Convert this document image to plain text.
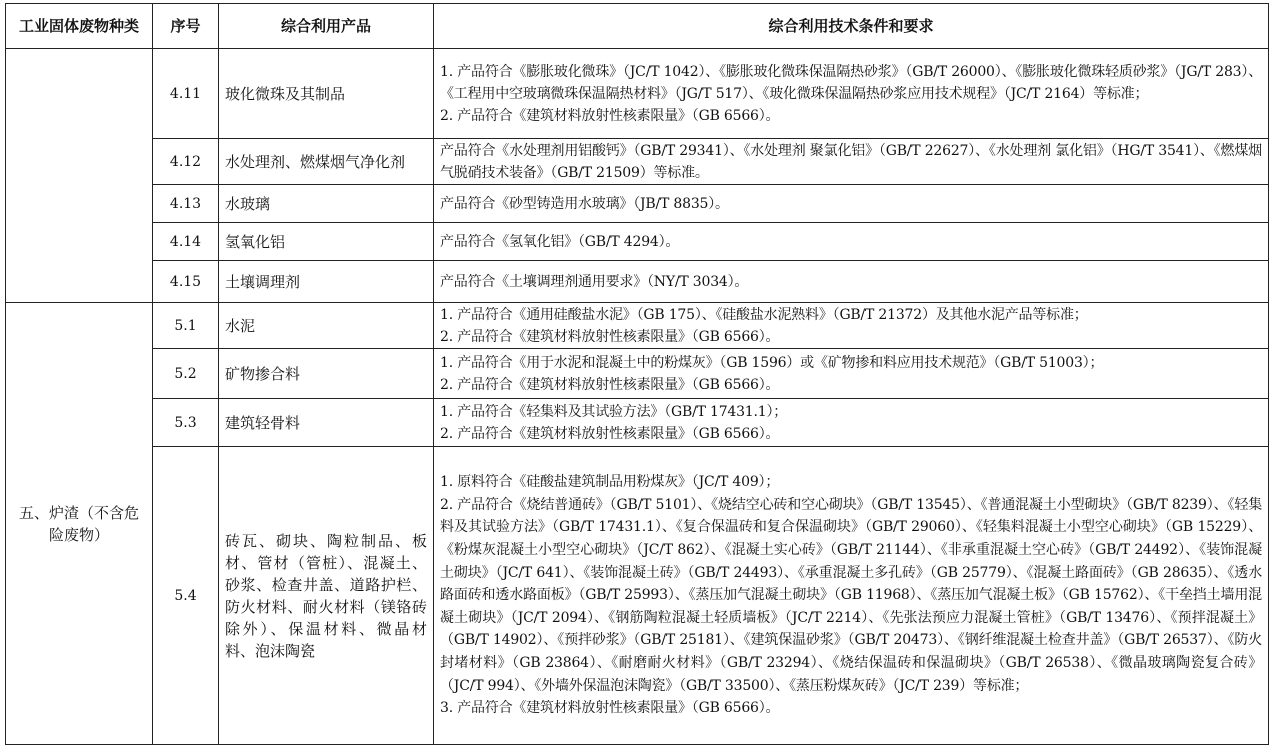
工业固体废物种类	序号	综合利用产品	综合利用技术条件和要求
	4.11	玻化微珠及其制品	1. 产品符合《膨胀玻化微珠》（JC/T 1042）、《膨胀玻化微珠保温隔热砂浆》（GB/T 26000）、《膨胀玻化微珠轻质砂浆》（JG/T 283）、《工程用中空玻璃微珠保温隔热材料》（JG/T 517）、《玻化微珠保温隔热砂浆应用技术规程》（JC/T 2164）等标准；
2. 产品符合《建筑材料放射性核素限量》（GB 6566）。

	4.12	水处理剂、燃煤烟气净化剂	产品符合《水处理剂用铝酸钙》（GB/T 29341）、《水处理剂 聚氯化铝》（GB/T 22627）、《水处理剂 氯化铝》（HG/T 3541）、《燃煤烟气脱硝技术装备》（GB/T 21509）等标准。

	4.13	水玻璃	产品符合《砂型铸造用水玻璃》（JB/T 8835）。

	4.14	氢氧化铝	产品符合《氢氧化铝》（GB/T 4294）。

	4.15	土壤调理剂	产品符合《土壤调理剂通用要求》（NY/T 3034）。

五、炉渣（不含危险废物）	5.1	水泥	1. 产品符合《通用硅酸盐水泥》（GB 175）、《硅酸盐水泥熟料》（GB/T 21372）及其他水泥产品等标准；
2. 产品符合《建筑材料放射性核素限量》（GB 6566）。

	5.2	矿物掺合料	1. 产品符合《用于水泥和混凝土中的粉煤灰》（GB 1596）或《矿物掺和料应用技术规范》（GB/T 51003）；
2. 产品符合《建筑材料放射性核素限量》（GB 6566）。

	5.3	建筑轻骨料	1. 产品符合《轻集料及其试验方法》（GB/T 17431.1）；
2. 产品符合《建筑材料放射性核素限量》（GB 6566）。

	5.4	砖瓦、砌块、陶粒制品、板材、管材（管桩）、混凝土、砂浆、检查井盖、道路护栏、防火材料、耐火材料（镁铬砖除外）、保温材料、微晶材料、泡沫陶瓷	1. 原料符合《硅酸盐建筑制品用粉煤灰》（JC/T 409）；
2. 产品符合《烧结普通砖》（GB/T 5101）、《烧结空心砖和空心砌块》（GB/T 13545）、《普通混凝土小型砌块》（GB/T 8239）、《轻集料及其试验方法》（GB/T 17431.1）、《复合保温砖和复合保温砌块》（GB/T 29060）、《轻集料混凝土小型空心砌块》（GB 15229）、《粉煤灰混凝土小型空心砌块》（JC/T 862）、《混凝土实心砖》（GB/T 21144）、《非承重混凝土空心砖》（GB/T 24492）、《装饰混凝土砌块》（JC/T 641）、《装饰混凝土砖》（GB/T 24493）、《承重混凝土多孔砖》（GB 25779）、《混凝土路面砖》（GB 28635）、《透水路面砖和透水路面板》（GB/T 25993）、《蒸压加气混凝土砌块》（GB 11968）、《蒸压加气混凝土板》（GB 15762）、《干垒挡土墙用混凝土砌块》（JC/T 2094）、《钢筋陶粒混凝土轻质墙板》（JC/T 2214）、《先张法预应力混凝土管桩》（GB/T 13476）、《预拌混凝土》（GB/T 14902）、《预拌砂浆》（GB/T 25181）、《建筑保温砂浆》（GB/T 20473）、《钢纤维混凝土检查井盖》（GB/T 26537）、《防火封堵材料》（GB 23864）、《耐磨耐火材料》（GB/T 23294）、《烧结保温砖和保温砌块》（GB/T 26538）、《微晶玻璃陶瓷复合砖》（JC/T 994）、《外墙外保温泡沫陶瓷》（GB/T 33500）、《蒸压粉煤灰砖》（JC/T 239）等标准；
3. 产品符合《建筑材料放射性核素限量》（GB 6566）。
